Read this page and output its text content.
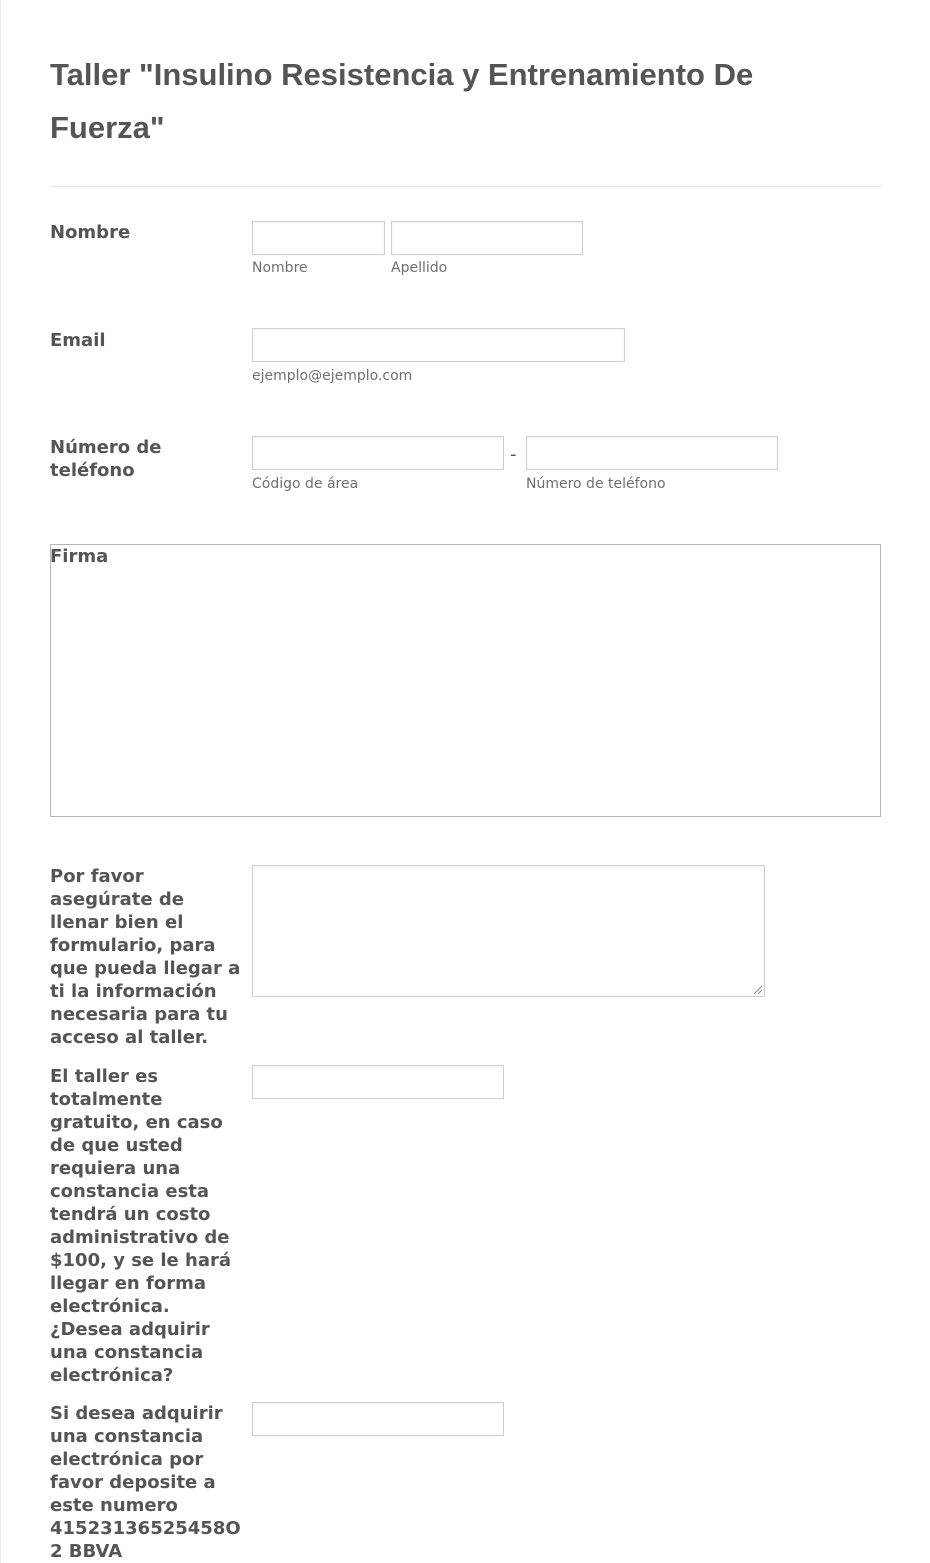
Taller "Insulino Resistencia y Entrenamiento De Fuerza"
Nombre
Nombre	Apellido
Email
ejemplo@ejemplo.com
Número de
teléfono
Código de área
-
Número de teléfono
Firma
Por favor
asegúrate de
llenar bien el
formulario, para
que pueda llegar a
ti la información
necesaria para tu
acceso al taller.
El taller es
totalmente
gratuito, en caso
de que usted
requiera una
constancia esta
tendrá un costo
administrativo de
$100, y se le hará
llegar en forma
electrónica.
¿Desea adquirir
una constancia
electrónica?
Si desea adquirir
una constancia
electrónica por
favor deposite a
este numero
41523136525458O
2 BBVA
